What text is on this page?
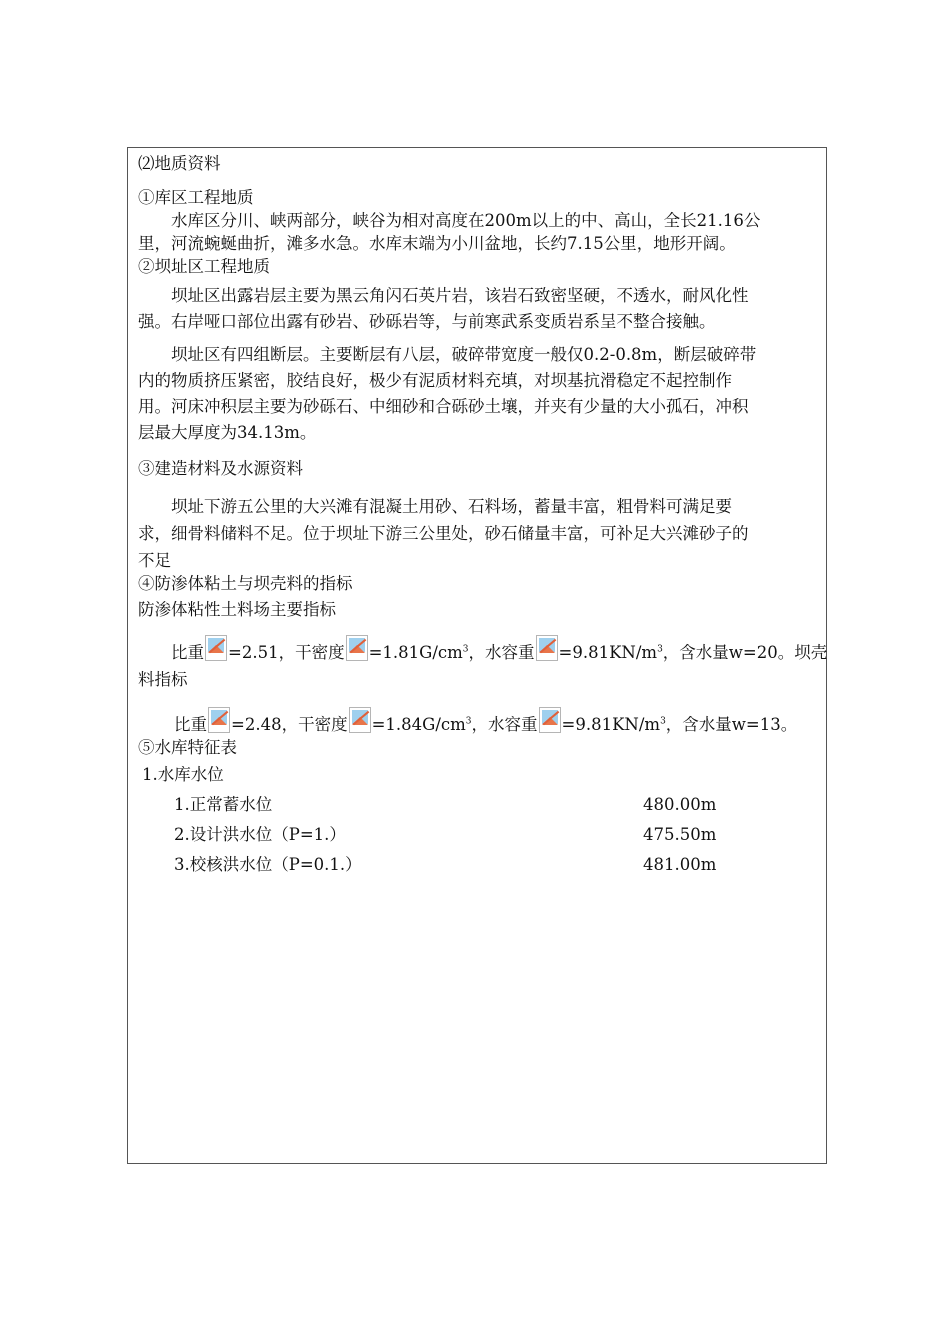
⑵地质资料
①库区工程地质
水库区分川、峡两部分，峡谷为相对高度在200m以上的中、高山，全长21.16公
里，河流蜿蜒曲折，滩多水急。水库末端为小川盆地，长约7.15公里，地形开阔。
②坝址区工程地质
坝址区出露岩层主要为黑云角闪石英片岩，该岩石致密坚硬，不透水，耐风化性
强。右岸哑口部位出露有砂岩、砂砾岩等，与前寒武系变质岩系呈不整合接触。
坝址区有四组断层。主要断层有八层，破碎带宽度一般仅0.2-0.8m，断层破碎带
内的物质挤压紧密，胶结良好，极少有泥质材料充填，对坝基抗滑稳定不起控制作
用。河床冲积层主要为砂砾石、中细砂和合砾砂土壤，并夹有少量的大小孤石，冲积
层最大厚度为34.13m。
③建造材料及水源资料
坝址下游五公里的大兴滩有混凝土用砂、石料场，蓄量丰富，粗骨料可满足要
求，细骨料储料不足。位于坝址下游三公里处，砂石储量丰富，可补足大兴滩砂子的
不足
④防渗体粘土与坝壳料的指标
防渗体粘性土料场主要指标
比重 =2.51，干密度 $=1.81G/cm^3$，水容重 $=9.81KN/m^3$，含水量w=20。坝壳
料指标
比重 =2.48，干密度 $=1.84G/cm^3$，水容重 $=9.81KN/m^3$，含水量w=13。
⑤水库特征表
1.水库水位
1.正常蓄水位	480.00m
2.设计洪水位（P=1.）	475.50m
3.校核洪水位（P=0.1.）	481.00m
